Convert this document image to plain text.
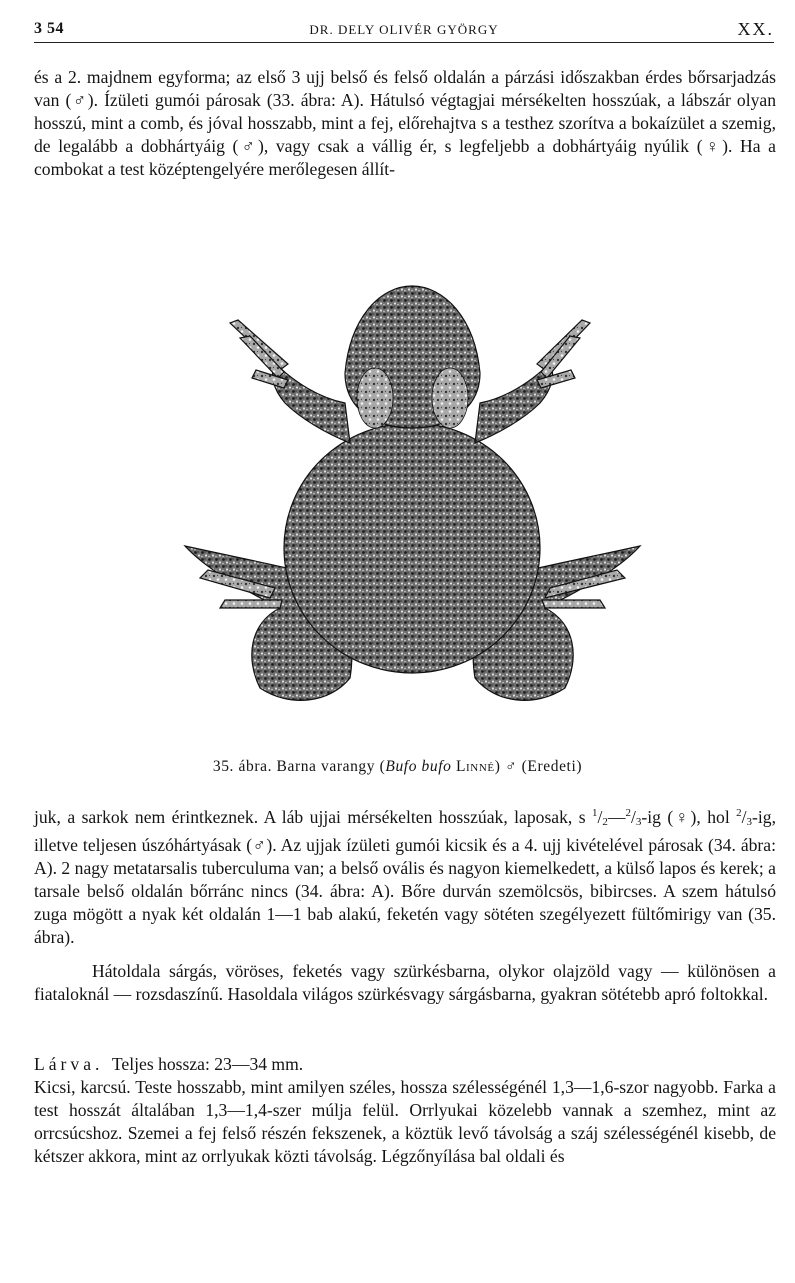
3 54	DR. DELY OLIVÉR GYÖRGY	XX.

és a 2. majdnem egyforma; az első 3 ujj belső és felső oldalán a párzási időszakban érdes bőrsarjadzás van (♂). Ízületi gumói párosak (33. ábra: A). Hátulsó végtagjai mérsékelten hosszúak, a lábszár olyan hosszú, mint a comb, és jóval hosszabb, mint a fej, előrehajtva s a testhez szorítva a bokaízület a szemig, de legalább a dobhártyáig (♂), vagy csak a vállig ér, s legfeljebb a dobhártyáig nyúlik (♀). Ha a combokat a test középtengelyére merőlegesen állít-

35. ábra. Barna varangy (Bufo bufo Linné) ♂ (Eredeti)

juk, a sarkok nem érintkeznek. A láb ujjai mérsékelten hosszúak, laposak, s $^1$/2—$^2$/3-ig (♀), hol $^2$/3-ig, illetve teljesen úszóhártyásak (♂). Az ujjak ízületi gumói kicsik és a 4. ujj kivételével párosak (34. ábra: A). 2 nagy metatarsalis tuberculuma van; a belső ovális és nagyon kiemelkedett, a külső lapos és kerek; a tarsale belső oldalán bőrránc nincs (34. ábra: A). Bőre durván szemölcsös, bibircses. A szem hátulsó zuga mögött a nyak két oldalán 1—1 bab alakú, feketén vagy sötéten szegélyezett fültőmirigy van (35. ábra).

Hátoldala sárgás, vöröses, feketés vagy szürkésbarna, olykor olajzöld vagy — különösen a fiataloknál — rozsdaszínű. Hasoldala világos szürkésvagy sárgásbarna, gyakran sötétebb apró foltokkal.

Lárva. Teljes hossza: 23—34 mm.
Kicsi, karcsú. Teste hosszabb, mint amilyen széles, hossza szélességénél 1,3—1,6-szor nagyobb. Farka a test hosszát általában 1,3—1,4-szer múlja felül. Orrlyukai közelebb vannak a szemhez, mint az orrcsúcshoz. Szemei a fej felső részén fekszenek, a köztük levő távolság a száj szélességénél kisebb, de kétszer akkora, mint az orrlyukak közti távolság. Légzőnyílása bal oldali és
